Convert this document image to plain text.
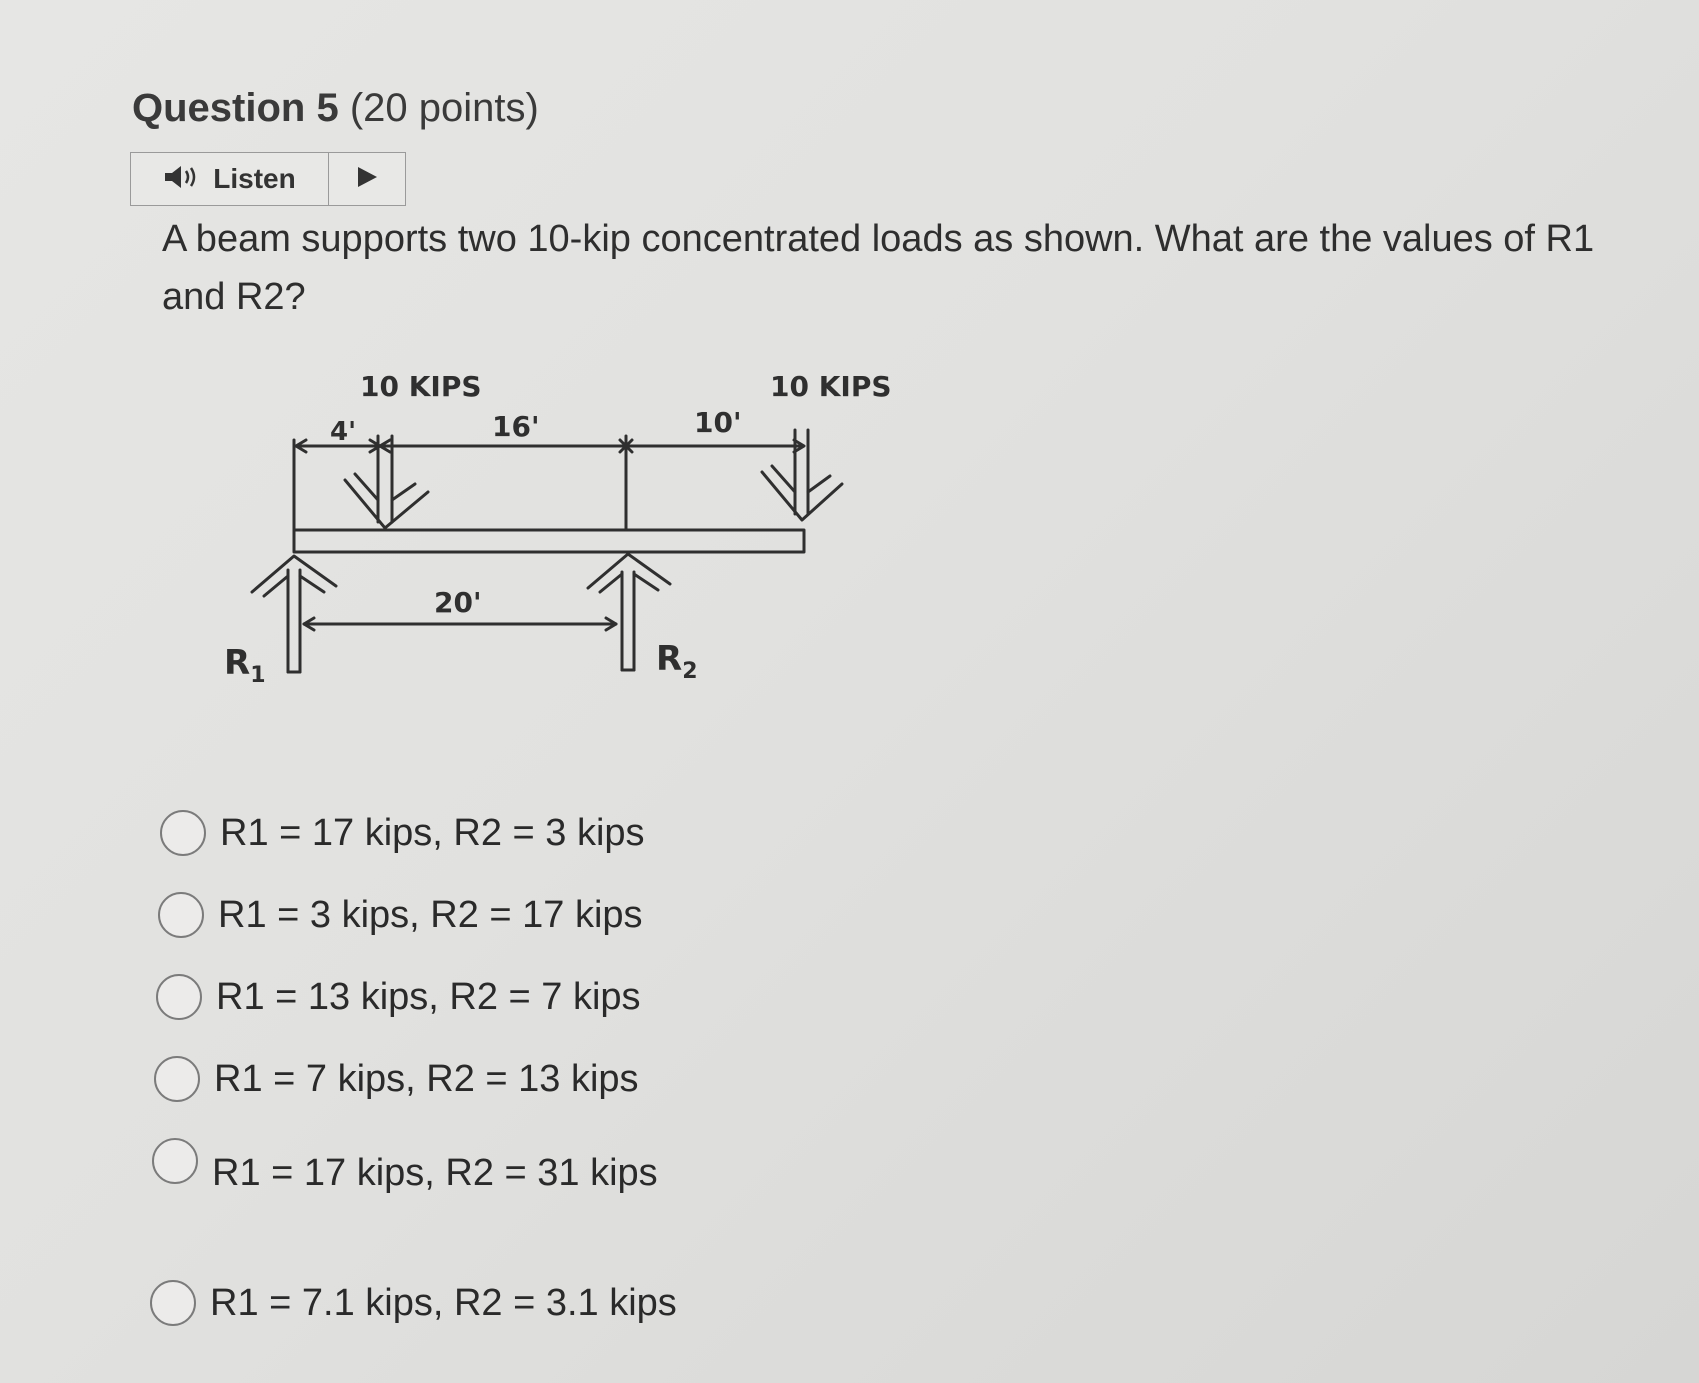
Question 5 (20 points)
Listen
A beam supports two 10-kip concentrated loads as shown. What are the values of R1 and R2?
10 KIPS	10 KIPS
4'	16'	10'
20'
$R_1$	$R_2$
R1 = 17 kips, R2 = 3 kips
R1 = 3 kips, R2 = 17 kips
R1 = 13 kips, R2 = 7 kips
R1 = 7 kips, R2 = 13 kips
R1 = 17 kips, R2 = 31 kips
R1 = 7.1 kips, R2 = 3.1 kips
